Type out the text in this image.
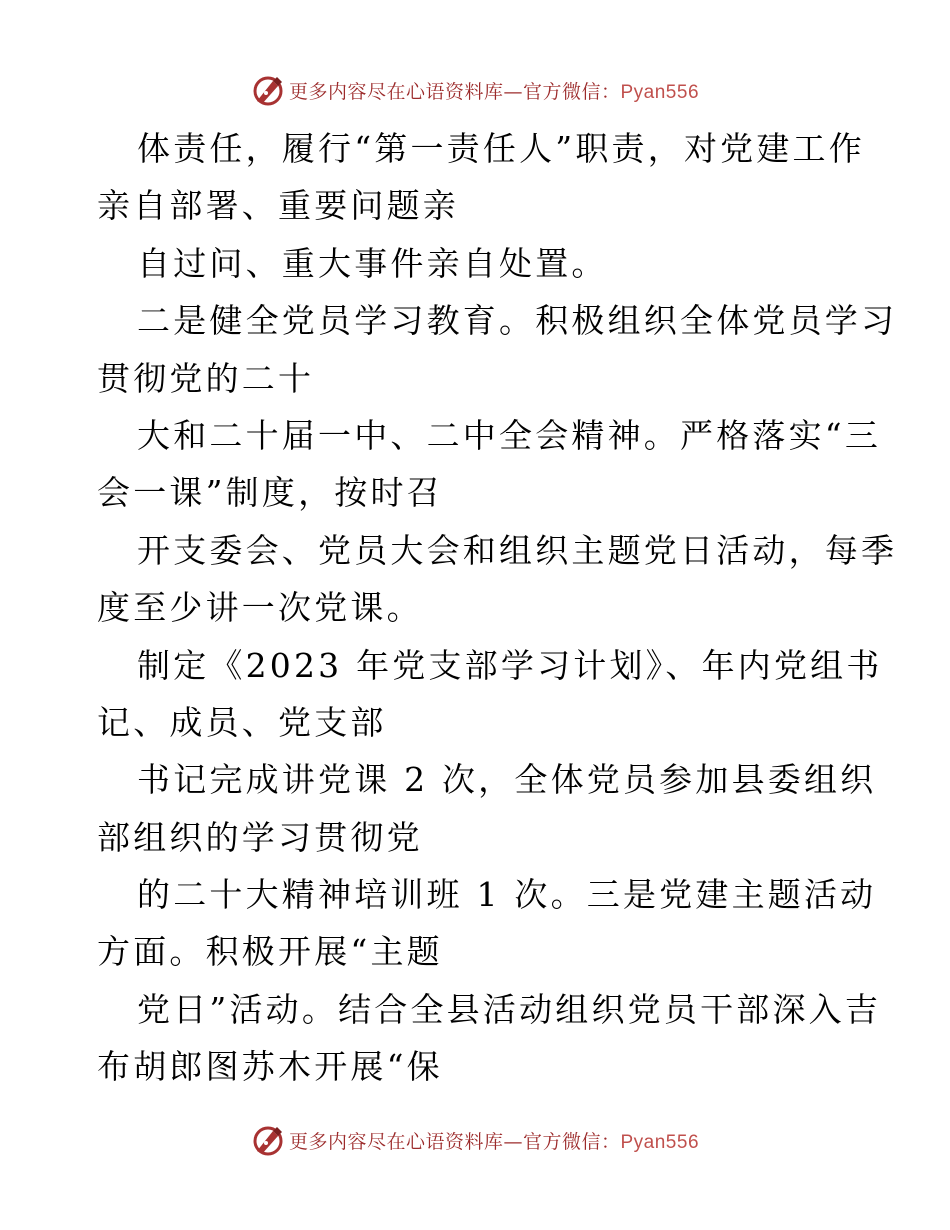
更多内容尽在心语资料库—官方微信：Pyan556
体责任，履行“第一责任人”职责，对党建工作
亲自部署、重要问题亲
自过问、重大事件亲自处置。
二是健全党员学习教育。积极组织全体党员学习
贯彻党的二十
大和二十届一中、二中全会精神。严格落实“三
会一课”制度，按时召
开支委会、党员大会和组织主题党日活动，每季
度至少讲一次党课。
制定《2023 年党支部学习计划》、年内党组书
记、成员、党支部
书记完成讲党课 2 次，全体党员参加县委组织
部组织的学习贯彻党
的二十大精神培训班 1 次。三是党建主题活动
方面。积极开展“主题
党日”活动。结合全县活动组织党员干部深入吉
布胡郎图苏木开展“保
更多内容尽在心语资料库—官方微信：Pyan556
